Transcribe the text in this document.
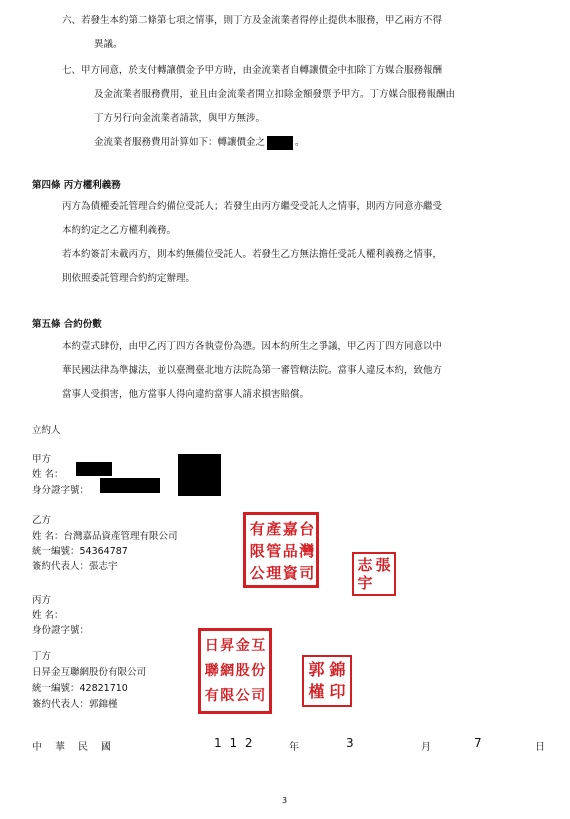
六、若發生本約第二條第七項之情事，則丁方及金流業者得停止提供本服務，甲乙兩方不得
異議。
七、甲方同意，於支付轉讓價金予甲方時，由金流業者自轉讓價金中扣除丁方媒合服務報酬
及金流業者服務費用，並且由金流業者開立扣除金額發票予甲方。丁方媒合服務報酬由
丁方另行向金流業者請款，與甲方無涉。
金流業者服務費用計算如下：轉讓價金之	。
第四條 丙方權利義務
丙方為債權委託管理合約備位受託人；若發生由丙方繼受受託人之情事，則丙方同意亦繼受
本約約定之乙方權利義務。
若本約簽訂未載丙方，則本約無備位受託人。若發生乙方無法擔任受託人權利義務之情事，
則依照委託管理合約約定辦理。
第五條 合約份數
本約壹式肆份，由甲乙丙丁四方各執壹份為憑。因本約所生之爭議，甲乙丙丁四方同意以中
華民國法律為準據法，並以臺灣臺北地方法院為第一審管轄法院。當事人違反本約，致他方
當事人受損害，他方當事人得向違約當事人請求損害賠償。
立約人
甲方
姓 名：
身分證字號：
乙方
姓 名：台灣嘉品資產管理有限公司
統一編號：54364787
簽約代表人：張志宇
有 產 嘉 台
限 管 品 灣
公 理 資 司	志 張
宇
丙方
姓 名：
身份證字號：
丁方
日昇金互聯網股份有限公司
統一編號：42821710
簽約代表人：郭錦槿
日 昇 金 互
聯 網 股 份
有 限 公 司
郭 錦
槿 印
中 華 民 國	1 1 2	年	3	月	7	日
3
